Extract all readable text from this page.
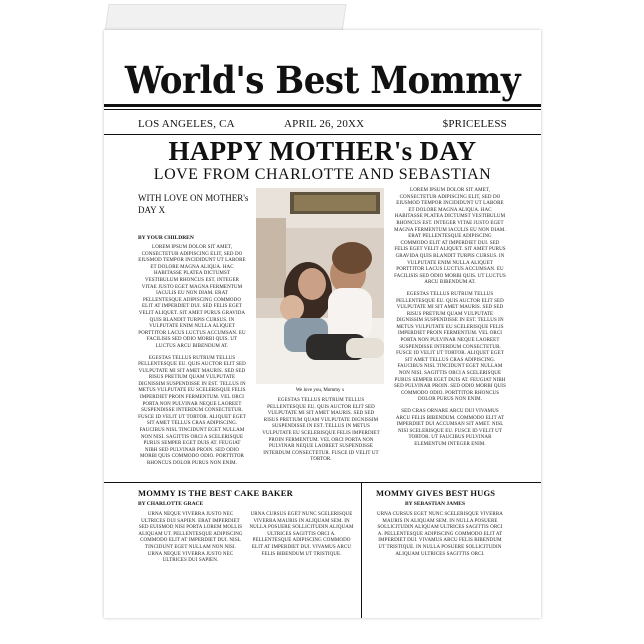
World's Best Mommy
LOS ANGELES, CA	APRIL 26, 20XX	$PRICELESS
HAPPY MOTHER's DAY
LOVE FROM CHARLOTTE AND SEBASTIAN
WITH LOVE ON MOTHER's DAY X
BY YOUR CHILDREN

LOREM IPSUM DOLOR SIT AMET, CONSECTETUR ADIPISCING ELIT, SED DO EIUSMOD TEMPOR INCIDIDUNT UT LABORE ET DOLORE MAGNA ALIQUA. HAC HABITASSE PLATEA DICTUMST VESTIBULUM RHONCUS EST. INTEGER VITAE JUSTO EGET MAGNA FERMENTUM IACULIS EU NON DIAM. ERAT PELLENTESQUE ADIPISCING COMMODO ELIT AT IMPERDIET DUI. SED FELIS EGET VELIT ALIQUET. SIT AMET PURUS GRAVIDA QUIS BLANDIT TURPIS CURSUS. IN VULPUTATE ENIM NULLA ALIQUET PORTTITOR LACUS LUCTUS ACCUMSAN. EU FACILISIS SED ODIO MORBI QUIS. UT LUCTUS ARCU BIBENDUM AT.

EGESTAS TELLUS RUTRUM TELLUS PELLENTESQUE EU. QUIS AUCTOR ELIT SED VULPUTATE MI SIT AMET MAURIS. SED SED RISUS PRETIUM QUAM VULPUTATE DIGNISSIM SUSPENDISSE IN EST. TELLUS IN METUS VULPUTATE EU SCELERISQUE FELIS IMPERDIET PROIN FERMENTUM. VEL ORCI PORTA NON PULVINAR NEQUE LAOREET SUSPENDISSE INTERDUM CONSECTETUR. FUSCE ID VELIT UT TORTOR. ALIQUET EGET SIT AMET TELLUS CRAS ADIPISCING. FAUCIBUS NISL TINCIDUNT EGET NULLAM NON NISI. SAGITTIS ORCI A SCELERISQUE PURUS SEMPER EGET DUIS AT. FEUGIAT NIBH SED PULVINAR PROIN. SED ODIO MORBI QUIS COMMODO ODIO. PORTTITOR RHONCUS DOLOR PURUS NON ENIM.

We love you, Mommy x

EGESTAS TELLUS RUTRUM TELLUS PELLENTESQUE EU. QUIS AUCTOR ELIT SED VULPUTATE MI SIT AMET MAURIS. SED SED RISUS PRETIUM QUAM VULPUTATE DIGNISSIM SUSPENDISSE IN EST. TELLUS IN METUS VULPUTATE EU SCELERISQUE FELIS IMPERDIET PROIN FERMENTUM. VEL ORCI PORTA NON PULVINAR NEQUE LAOREET SUSPENDISSE INTERDUM CONSECTETUR. FUSCE ID VELIT UT TORTOR.

LOREM IPSUM DOLOR SIT AMET, CONSECTETUR ADIPISCING ELIT, SED DO EIUSMOD TEMPOR INCIDIDUNT UT LABORE ET DOLORE MAGNA ALIQUA. HAC HABITASSE PLATEA DICTUMST VESTIBULUM RHONCUS EST. INTEGER VITAE JUSTO EGET MAGNA FERMENTUM IACULIS EU NON DIAM. ERAT PELLENTESQUE ADIPISCING COMMODO ELIT AT IMPERDIET DUI. SED FELIS EGET VELIT ALIQUET. SIT AMET PURUS GRAVIDA QUIS BLANDIT TURPIS CURSUS. IN VULPUTATE ENIM NULLA ALIQUET PORTTITOR LACUS LUCTUS ACCUMSAN. EU FACILISIS SED ODIO MORBI QUIS. UT LUCTUS ARCU BIBENDUM AT.

EGESTAS TELLUS RUTRUM TELLUS PELLENTESQUE EU. QUIS AUCTOR ELIT SED VULPUTATE MI SIT AMET MAURIS. SED SED RISUS PRETIUM QUAM VULPUTATE DIGNISSIM SUSPENDISSE IN EST. TELLUS IN METUS VULPUTATE EU SCELERISQUE FELIS IMPERDIET PROIN FERMENTUM. VEL ORCI PORTA NON PULVINAR NEQUE LAOREET SUSPENDISSE INTERDUM CONSECTETUR. FUSCE ID VELIT UT TORTOR. ALIQUET EGET SIT AMET TELLUS CRAS ADIPISCING. FAUCIBUS NISL TINCIDUNT EGET NULLAM NON NISI. SAGITTIS ORCI A SCELERISQUE PURUS SEMPER EGET DUIS AT. FEUGIAT NIBH SED PULVINAR PROIN. SED ODIO MORBI QUIS COMMODO ODIO. PORTTITOR RHONCUS DOLOR PURUS NON ENIM.

SED CRAS ORNARE ARCU DUI VIVAMUS ARCU FELIS BIBENDUM. COMMODO ELIT AT IMPERDIET DUI ACCUMSAN SIT AMET. NISL NISI SCELERISQUE EU. FUSCE ID VELIT UT TORTOR. UT FAUCIBUS PULVINAR ELEMENTUM INTEGER ENIM.

MOMMY IS THE BEST CAKE BAKER
BY CHARLOTTE GRACE
URNA NEQUE VIVERRA JUSTO NEC ULTRICES DUI SAPIEN. ERAT IMPERDIET SED EUISMOD NISI PORTA LOREM MOLLIS ALIQUAM UT. PELLENTESQUE ADIPISCING COMMODO ELIT AT IMPERDIET DUI. NISL TINCIDUNT EGET NULLAM NON NISI. URNA NEQUE VIVERRA JUSTO NEC ULTRICES DUI SAPIEN.
URNA CURSUS EGET NUNC SCELERISQUE VIVERRA MAURIS IN ALIQUAM SEM. IN NULLA POSUERE SOLLICITUDIN ALIQUAM ULTRICES SAGITTIS ORCI A. PELLENTESQUE ADIPISCING COMMODO ELIT AT IMPERDIET DUI. VIVAMUS ARCU FELIS BIBENDUM UT TRISTIQUE.
MOMMY GIVES BEST HUGS
BY SEBASTIAN JAMES
URNA CURSUS EGET NUNC SCELERISQUE VIVERRA MAURIS IN ALIQUAM SEM. IN NULLA POSUERE SOLLICITUDIN ALIQUAM ULTRICES SAGITTIS ORCI A. PELLENTESQUE ADIPISCING COMMODO ELIT AT IMPERDIET DUI. VIVAMUS ARCU FELIS BIBENDUM UT TRISTIQUE. IN NULLA POSUERE SOLLICITUDIN ALIQUAM ULTRICES SAGITTIS ORCI.
